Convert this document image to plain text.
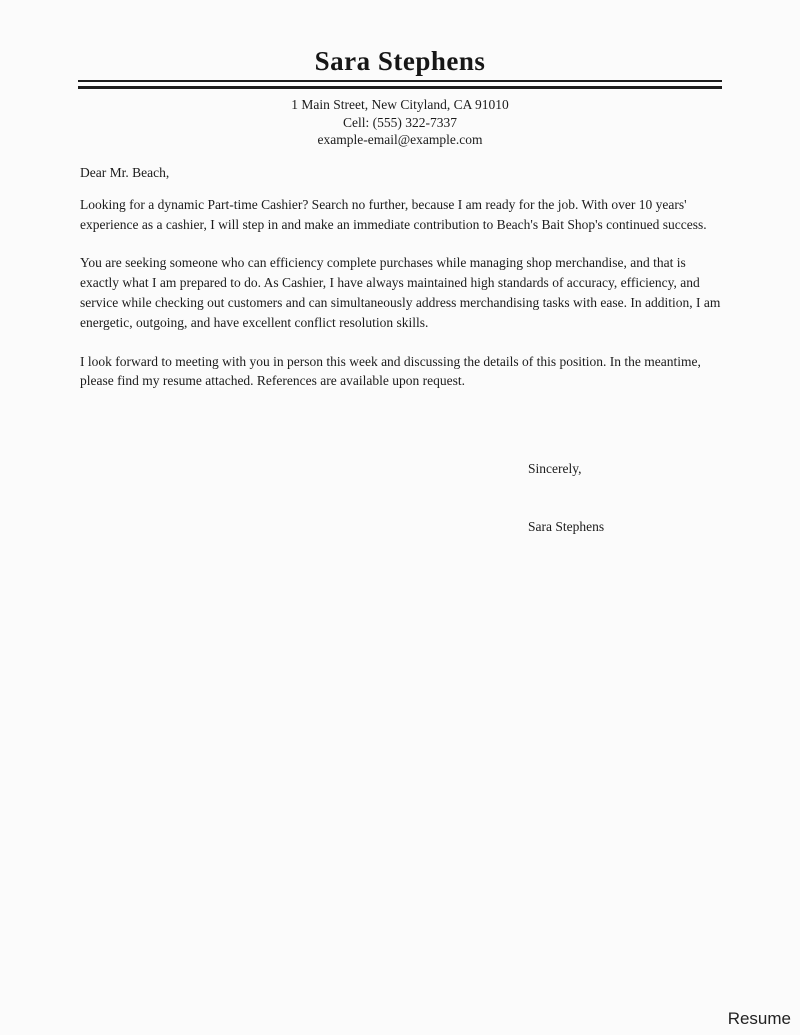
Sara Stephens
1 Main Street, New Cityland, CA 91010
Cell: (555) 322-7337
example-email@example.com
Dear Mr. Beach,

Looking for a dynamic Part-time Cashier? Search no further, because I am ready for the job. With over 10 years' experience as a cashier, I will step in and make an immediate contribution to Beach's Bait Shop's continued success.

You are seeking someone who can efficiency complete purchases while managing shop merchandise, and that is exactly what I am prepared to do. As Cashier, I have always maintained high standards of accuracy, efficiency, and service while checking out customers and can simultaneously address merchandising tasks with ease. In addition, I am energetic, outgoing, and have excellent conflict resolution skills.

I look forward to meeting with you in person this week and discussing the details of this position. In the meantime, please find my resume attached. References are available upon request.

Sincerely,
Sara Stephens
Resume
